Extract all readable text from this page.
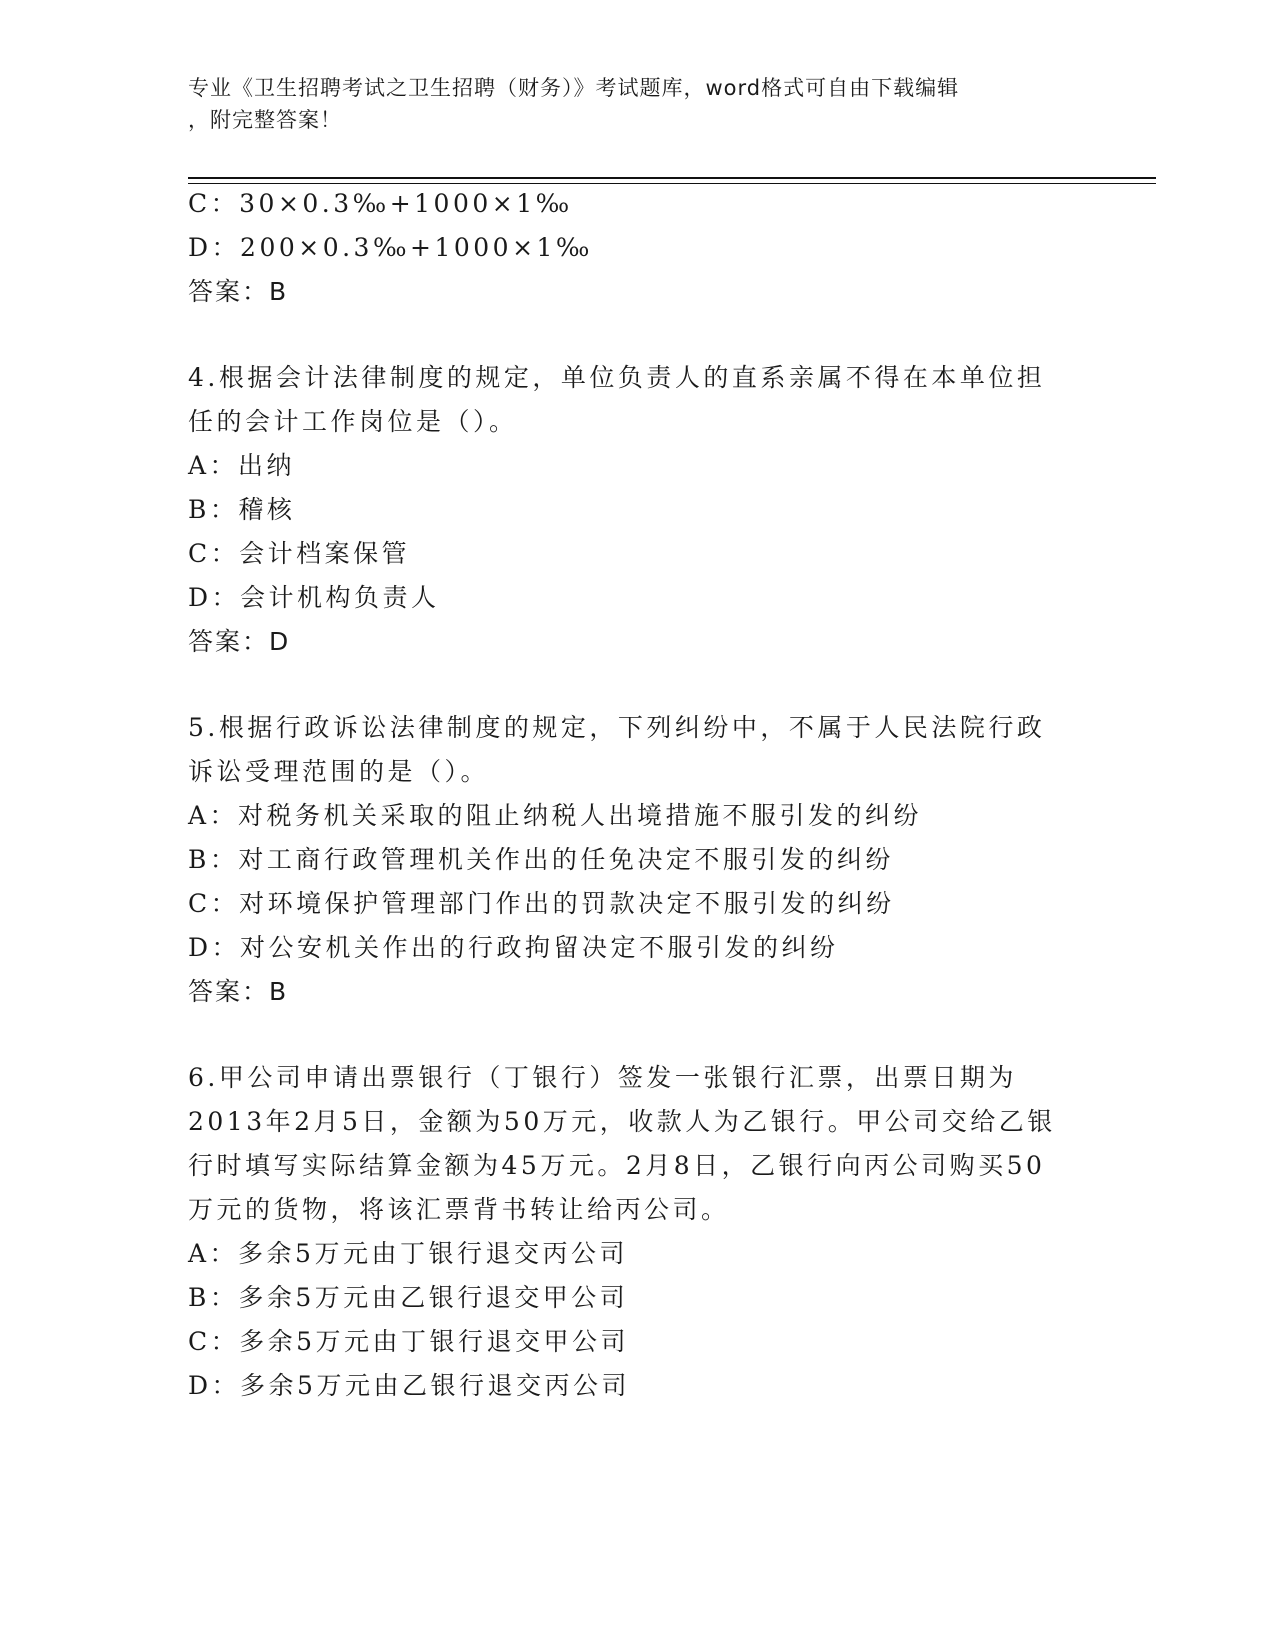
专业《卫生招聘考试之卫生招聘（财务）》考试题库，word格式可自由下载编辑
，附完整答案！
C：30×0.3‰+1000×1‰
D：200×0.3‰+1000×1‰
答案：B
4.根据会计法律制度的规定，单位负责人的直系亲属不得在本单位担
任的会计工作岗位是（）。
A：出纳
B：稽核
C：会计档案保管
D：会计机构负责人
答案：D
5.根据行政诉讼法律制度的规定，下列纠纷中，不属于人民法院行政
诉讼受理范围的是（）。
A：对税务机关采取的阻止纳税人出境措施不服引发的纠纷
B：对工商行政管理机关作出的任免决定不服引发的纠纷
C：对环境保护管理部门作出的罚款决定不服引发的纠纷
D：对公安机关作出的行政拘留决定不服引发的纠纷
答案：B
6.甲公司申请出票银行（丁银行）签发一张银行汇票，出票日期为
2013年2月5日，金额为50万元，收款人为乙银行。甲公司交给乙银
行时填写实际结算金额为45万元。2月8日，乙银行向丙公司购买50
万元的货物，将该汇票背书转让给丙公司。
A：多余5万元由丁银行退交丙公司
B：多余5万元由乙银行退交甲公司
C：多余5万元由丁银行退交甲公司
D：多余5万元由乙银行退交丙公司
